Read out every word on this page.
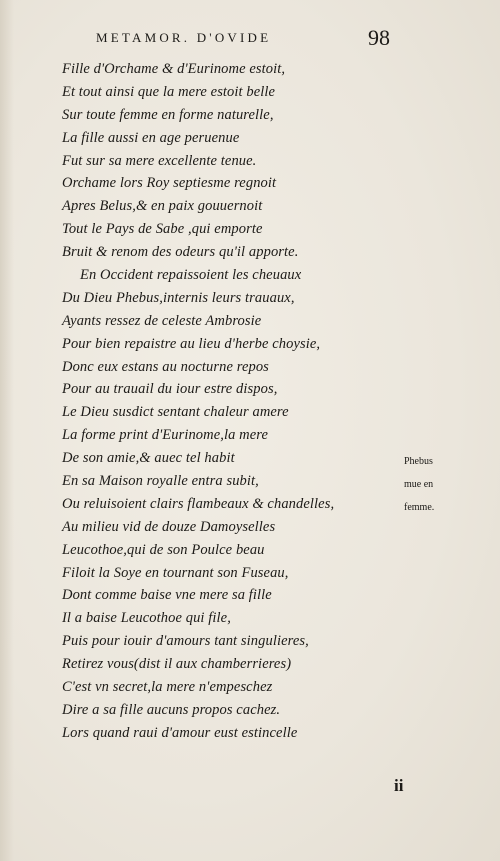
METAMOR. D'OVIDE	98
Fille d'Orchame & d'Eurinome estoit,
Et tout ainsi que la mere estoit belle
Sur toute femme en forme naturelle,
La fille aussi en age peruenue
Fut sur sa mere excellente tenue.
Orchame lors Roy septiesme regnoit
Apres Belus,& en paix gouuernoit
Tout le Pays de Sabe ,qui emporte
Bruit & renom des odeurs qu'il apporte.
En Occident repaissoient les cheuaux
Du Dieu Phebus,internis leurs trauaux,
Ayants ressez de celeste Ambrosie
Pour bien repaistre au lieu d'herbe choysie,
Donc eux estans au nocturne repos
Pour au trauail du iour estre dispos,
Le Dieu susdict sentant chaleur amere
La forme print d'Eurinome,la mere
De son amie,& auec tel habit
En sa Maison royalle entra subit,
Ou reluisoient clairs flambeaux & chandelles,
Au milieu vid de douze Damoyselles
Leucothoe,qui de son Poulce beau
Filoit la Soye en tournant son Fuseau,
Dont comme baise vne mere sa fille
Il a baise Leucothoe qui file,
Puis pour iouir d'amours tant singulieres,
Retirez vous(dist il aux chamberrieres)
C'est vn secret,la mere n'empeschez
Dire a sa fille aucuns propos cachez.
Lors quand raui d'amour eust estincelle
Phebus
mue en
femme.
ii
